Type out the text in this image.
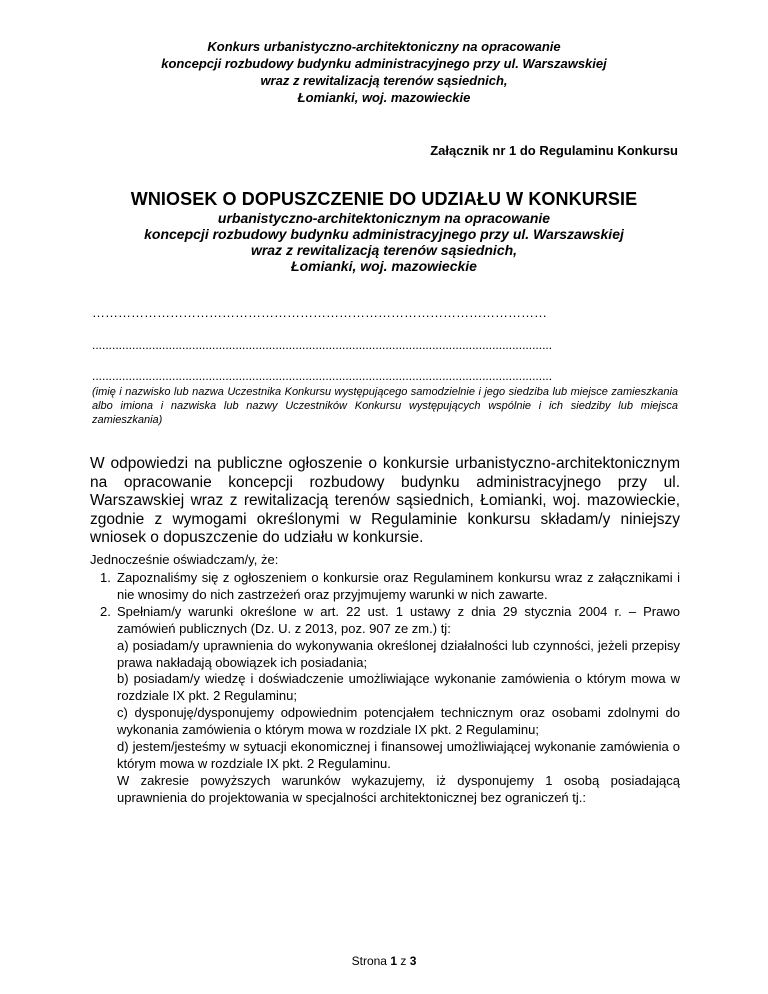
Konkurs urbanistyczno-architektoniczny na opracowanie
koncepcji rozbudowy budynku administracyjnego przy ul. Warszawskiej
wraz z rewitalizacją terenów sąsiednich,
Łomianki, woj. mazowieckie
Załącznik nr 1 do Regulaminu Konkursu
WNIOSEK O DOPUSZCZENIE DO UDZIAŁU W KONKURSIE
urbanistyczno-architektonicznym na opracowanie
koncepcji rozbudowy budynku administracyjnego przy ul. Warszawskiej
wraz z rewitalizacją terenów sąsiednich,
Łomianki, woj. mazowieckie
……………………………………………………………………………………………
..........................................................................................................................................
..........................................................................................................................................
(imię i nazwisko lub nazwa Uczestnika Konkursu występującego samodzielnie i jego siedziba lub miejsce zamieszkania albo imiona i nazwiska lub nazwy Uczestników Konkursu występujących wspólnie i ich siedziby lub miejsca zamieszkania)
W odpowiedzi na publiczne ogłoszenie o konkursie urbanistyczno-architektonicznym na opracowanie koncepcji rozbudowy budynku administracyjnego przy ul. Warszawskiej wraz z rewitalizacją terenów sąsiednich, Łomianki, woj. mazowieckie, zgodnie z wymogami określonymi w Regulaminie konkursu składam/y niniejszy wniosek o dopuszczenie do udziału w konkursie.
Jednocześnie oświadczam/y, że:
1. Zapoznaliśmy się z ogłoszeniem o konkursie oraz Regulaminem konkursu wraz z załącznikami i nie wnosimy do nich zastrzeżeń oraz przyjmujemy warunki w nich zawarte.

2. Spełniam/y warunki określone w art. 22 ust. 1 ustawy z dnia 29 stycznia 2004 r. – Prawo zamówień publicznych (Dz. U. z 2013, poz. 907 ze zm.) tj:

a) posiadam/y uprawnienia do wykonywania określonej działalności lub czynności, jeżeli przepisy prawa nakładają obowiązek ich posiadania;

b) posiadam/y wiedzę i doświadczenie umożliwiające wykonanie zamówienia o którym mowa w rozdziale IX pkt. 2 Regulaminu;

c) dysponuję/dysponujemy odpowiednim potencjałem technicznym oraz osobami zdolnymi do wykonania zamówienia o którym mowa w rozdziale IX pkt. 2 Regulaminu;

d) jestem/jesteśmy w sytuacji ekonomicznej i finansowej umożliwiającej wykonanie zamówienia o którym mowa w rozdziale IX pkt. 2 Regulaminu.

W zakresie powyższych warunków wykazujemy, iż dysponujemy 1 osobą posiadającą uprawnienia do projektowania w specjalności architektonicznej bez ograniczeń tj.:

Strona 1 z 3
